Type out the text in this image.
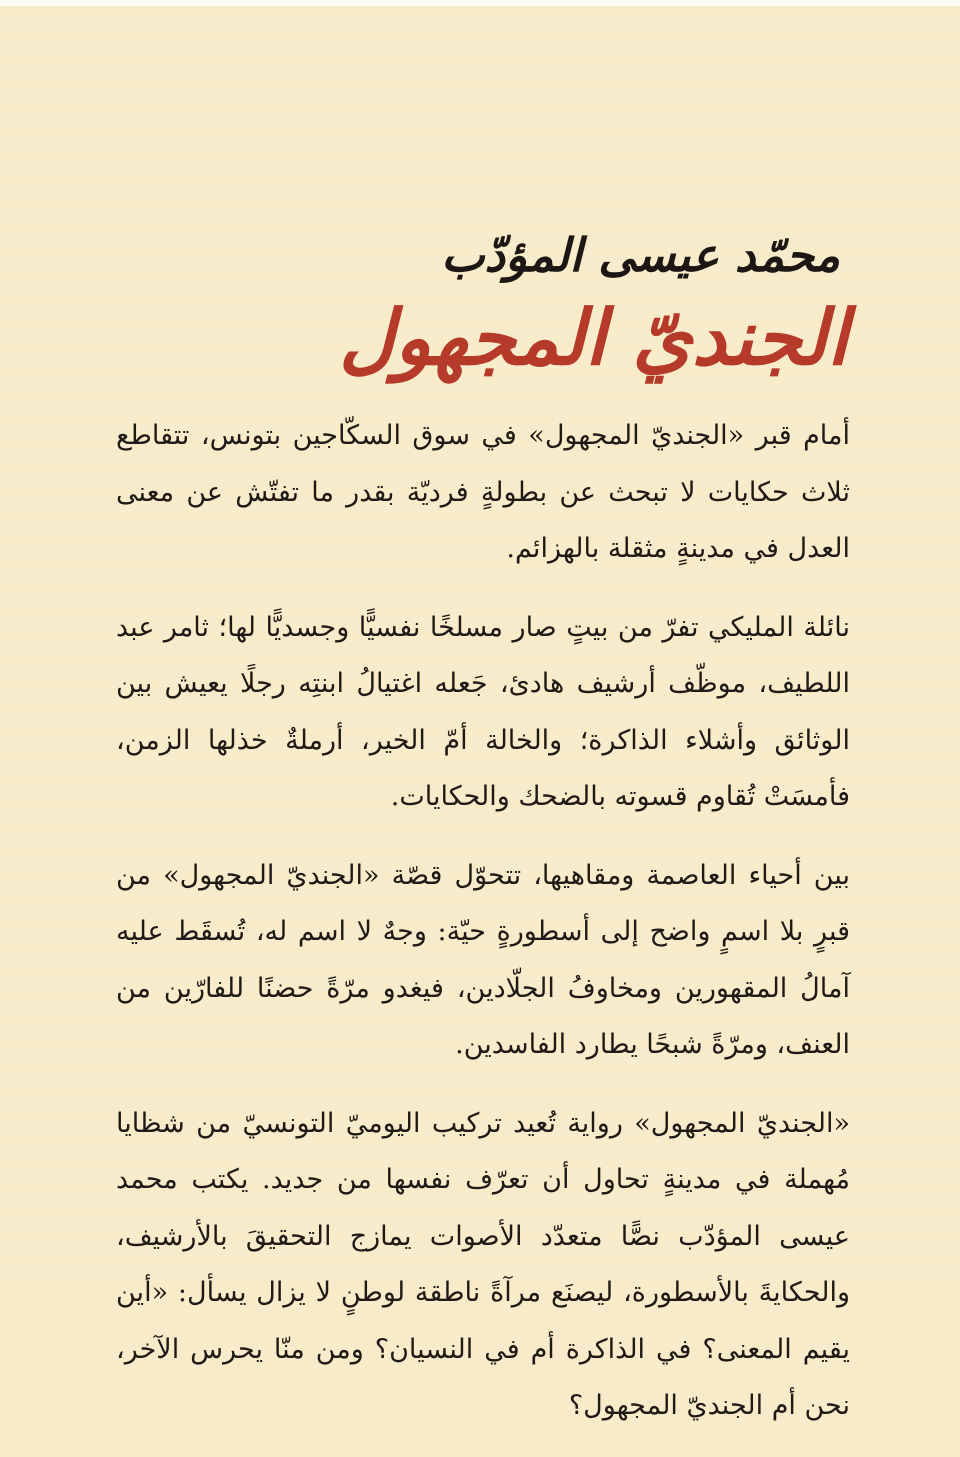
محمّد عيسى المؤدّب
الجنديّ المجهول

أمام قبر «الجنديّ المجهول» في سوق السكّاجين بتونس، تتقاطع ثلاث حكايات لا تبحث عن بطولةٍ فرديّة بقدر ما تفتّش عن معنى العدل في مدينةٍ مثقلة بالهزائم.

نائلة المليكي تفرّ من بيتٍ صار مسلخًا نفسيًّا وجسديًّا لها؛ ثامر عبد اللطيف، موظّف أرشيف هادئ، جَعله اغتيالُ ابنتِه رجلًا يعيش بين الوثائق وأشلاء الذاكرة؛ والخالة أمّ الخير، أرملةٌ خذلها الزمن، فأمسَتْ تُقاوم قسوته بالضحك والحكايات.

بين أحياء العاصمة ومقاهيها، تتحوّل قصّة «الجنديّ المجهول» من قبرٍ بلا اسمٍ واضح إلى أسطورةٍ حيّة: وجهٌ لا اسم له، تُسقَط عليه آمالُ المقهورين ومخاوفُ الجلّادين، فيغدو مرّةً حضنًا للفارّين من العنف، ومرّةً شبحًا يطارد الفاسدين.

«الجنديّ المجهول» رواية تُعيد تركيب اليوميّ التونسيّ من شظايا مُهملة في مدينةٍ تحاول أن تعرّف نفسها من جديد. يكتب محمد عيسى المؤدّب نصًّا متعدّد الأصوات يمازج التحقيقَ بالأرشيف، والحكايةَ بالأسطورة، ليصنَع مرآةً ناطقة لوطنٍ لا يزال يسأل: «أين يقيم المعنى؟ في الذاكرة أم في النسيان؟ ومن منّا يحرس الآخر، نحن أم الجنديّ المجهول؟
